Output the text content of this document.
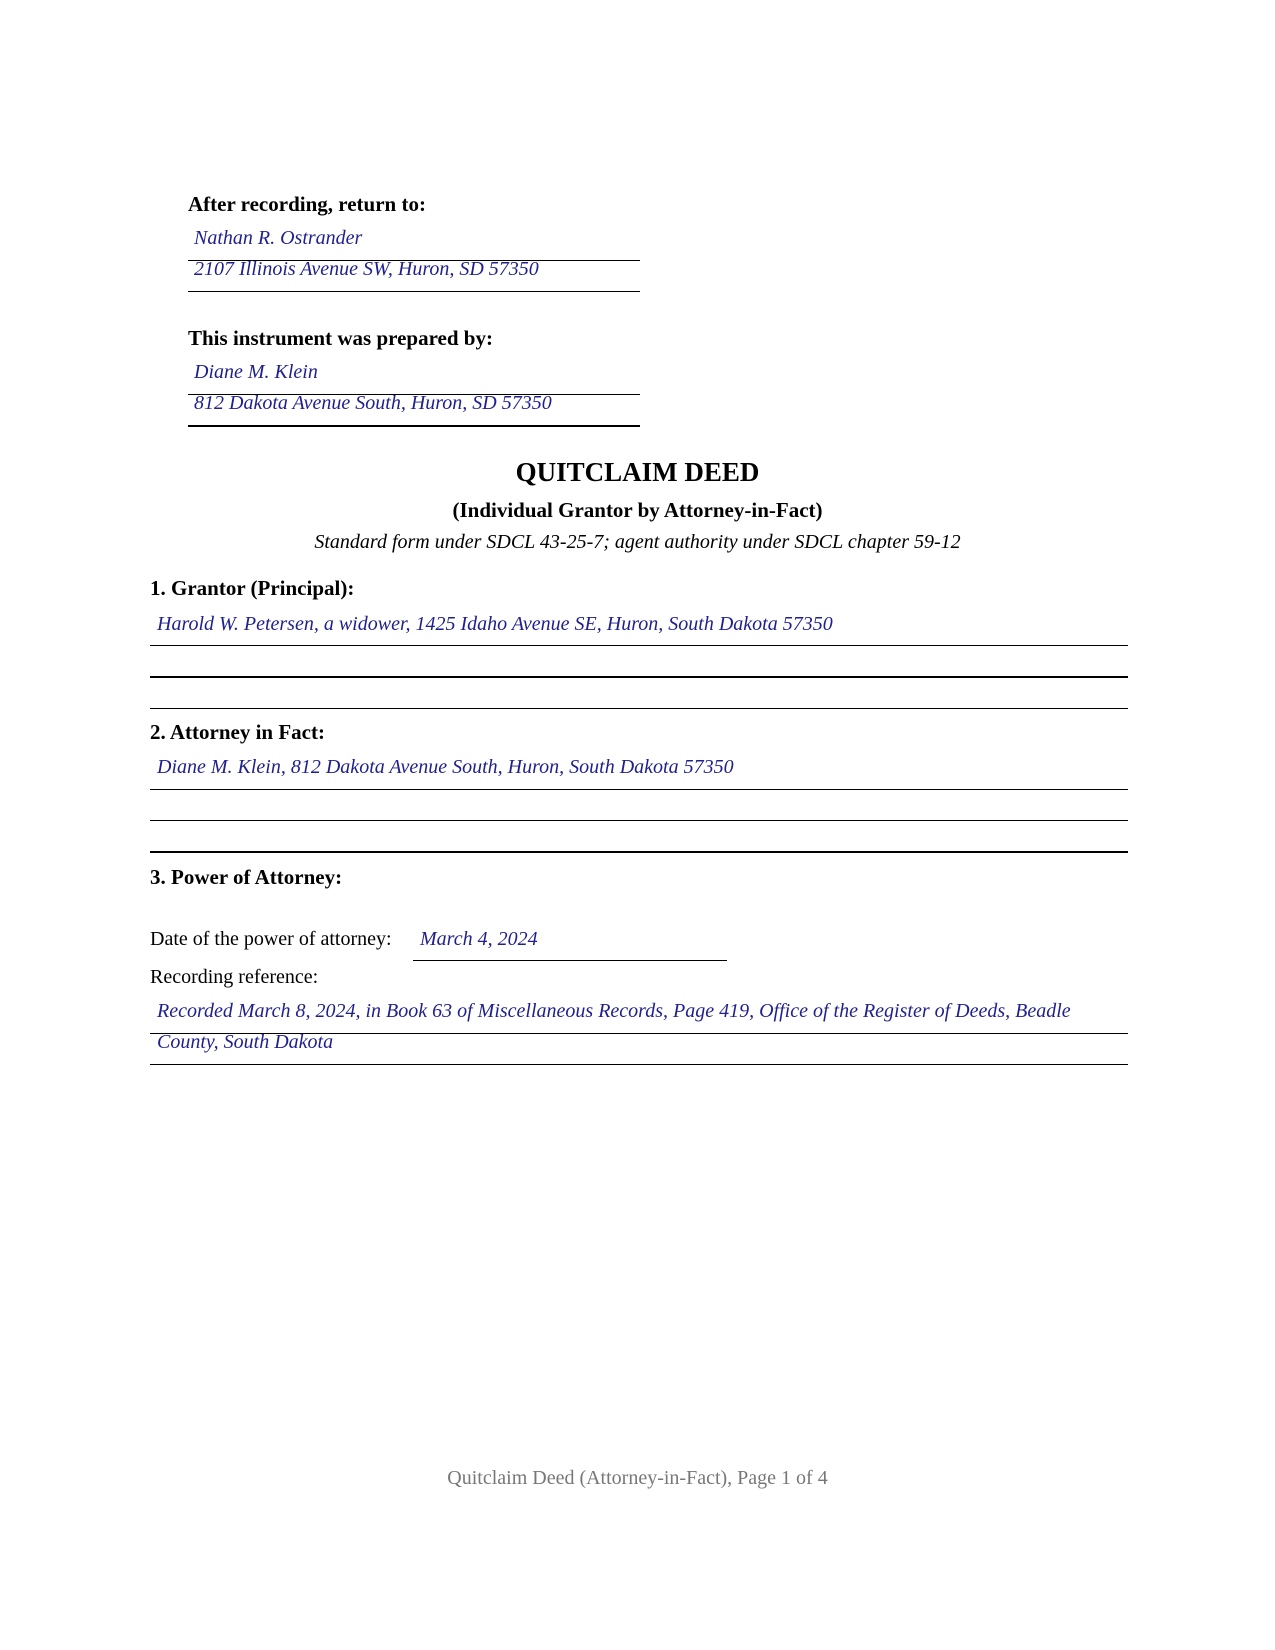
After recording, return to:
Nathan R. Ostrander
2107 Illinois Avenue SW, Huron, SD 57350
This instrument was prepared by:
Diane M. Klein
812 Dakota Avenue South, Huron, SD 57350
QUITCLAIM DEED
(Individual Grantor by Attorney-in-Fact)
Standard form under SDCL 43-25-7; agent authority under SDCL chapter 59-12
1. Grantor (Principal):
Harold W. Petersen, a widower, 1425 Idaho Avenue SE, Huron, South Dakota 57350
2. Attorney in Fact:
Diane M. Klein, 812 Dakota Avenue South, Huron, South Dakota 57350
3. Power of Attorney:
Date of the power of attorney: March 4, 2024
Recording reference:
Recorded March 8, 2024, in Book 63 of Miscellaneous Records, Page 419, Office of the Register of Deeds, Beadle
County, South Dakota
Quitclaim Deed (Attorney-in-Fact), Page 1 of 4
